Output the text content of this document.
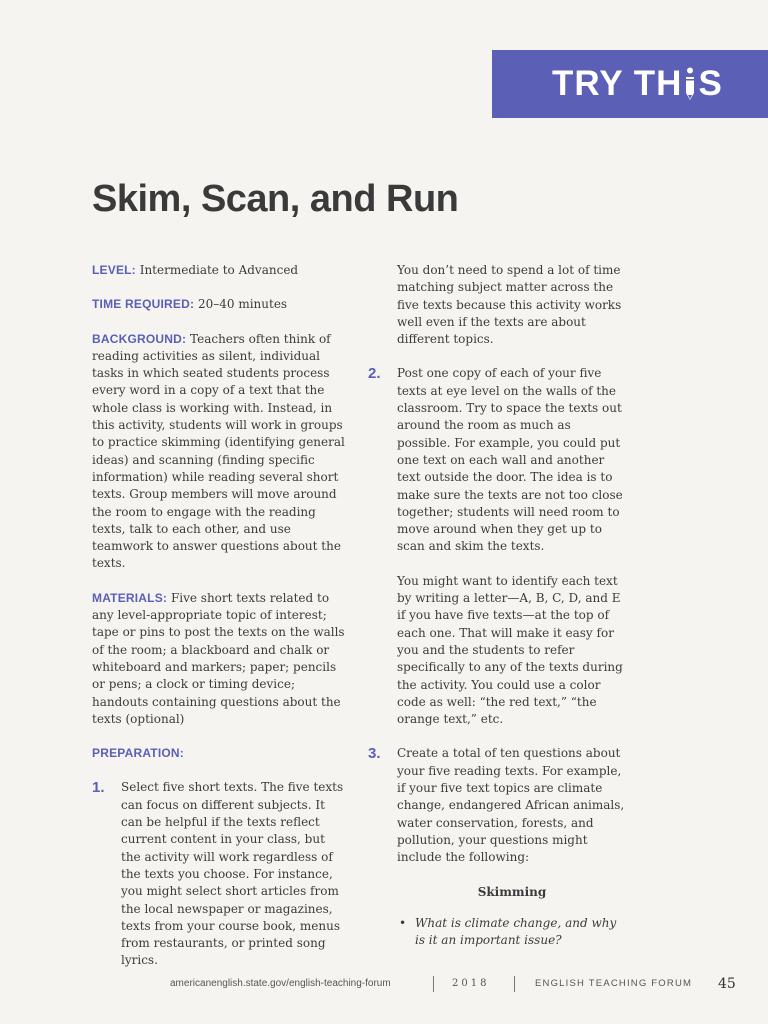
TRY TH S
Skim, Scan, and Run

LEVEL: Intermediate to Advanced

TIME REQUIRED: 20–40 minutes

BACKGROUND: Teachers often think of reading activities as silent, individual tasks in which seated students process every word in a copy of a text that the whole class is working with. Instead, in this activity, students will work in groups to practice skimming (identifying general ideas) and scanning (finding specific information) while reading several short texts. Group members will move around the room to engage with the reading texts, talk to each other, and use teamwork to answer questions about the texts.

MATERIALS: Five short texts related to any level-appropriate topic of interest; tape or pins to post the texts on the walls of the room; a blackboard and chalk or whiteboard and markers; paper; pencils or pens; a clock or timing device; handouts containing questions about the texts (optional)

PREPARATION:

1. Select five short texts. The five texts can focus on different subjects. It can be helpful if the texts reflect current content in your class, but the activity will work regardless of the texts you choose. For instance, you might select short articles from the local newspaper or magazines, texts from your course book, menus from restaurants, or printed song lyrics.

You don’t need to spend a lot of time matching subject matter across the five texts because this activity works well even if the texts are about different topics.

2. Post one copy of each of your five texts at eye level on the walls of the classroom. Try to space the texts out around the room as much as possible. For example, you could put one text on each wall and another text outside the door. The idea is to make sure the texts are not too close together; students will need room to move around when they get up to scan and skim the texts.

You might want to identify each text by writing a letter—A, B, C, D, and E if you have five texts—at the top of each one. That will make it easy for you and the students to refer specifically to any of the texts during the activity. You could use a color code as well: “the red text,” “the orange text,” etc.

3. Create a total of ten questions about your five reading texts. For example, if your five text topics are climate change, endangered African animals, water conservation, forests, and pollution, your questions might include the following:

Skimming

• What is climate change, and why is it an important issue?
americanenglish.state.gov/english-teaching-forum	2018	ENGLISH TEACHING FORUM 45
